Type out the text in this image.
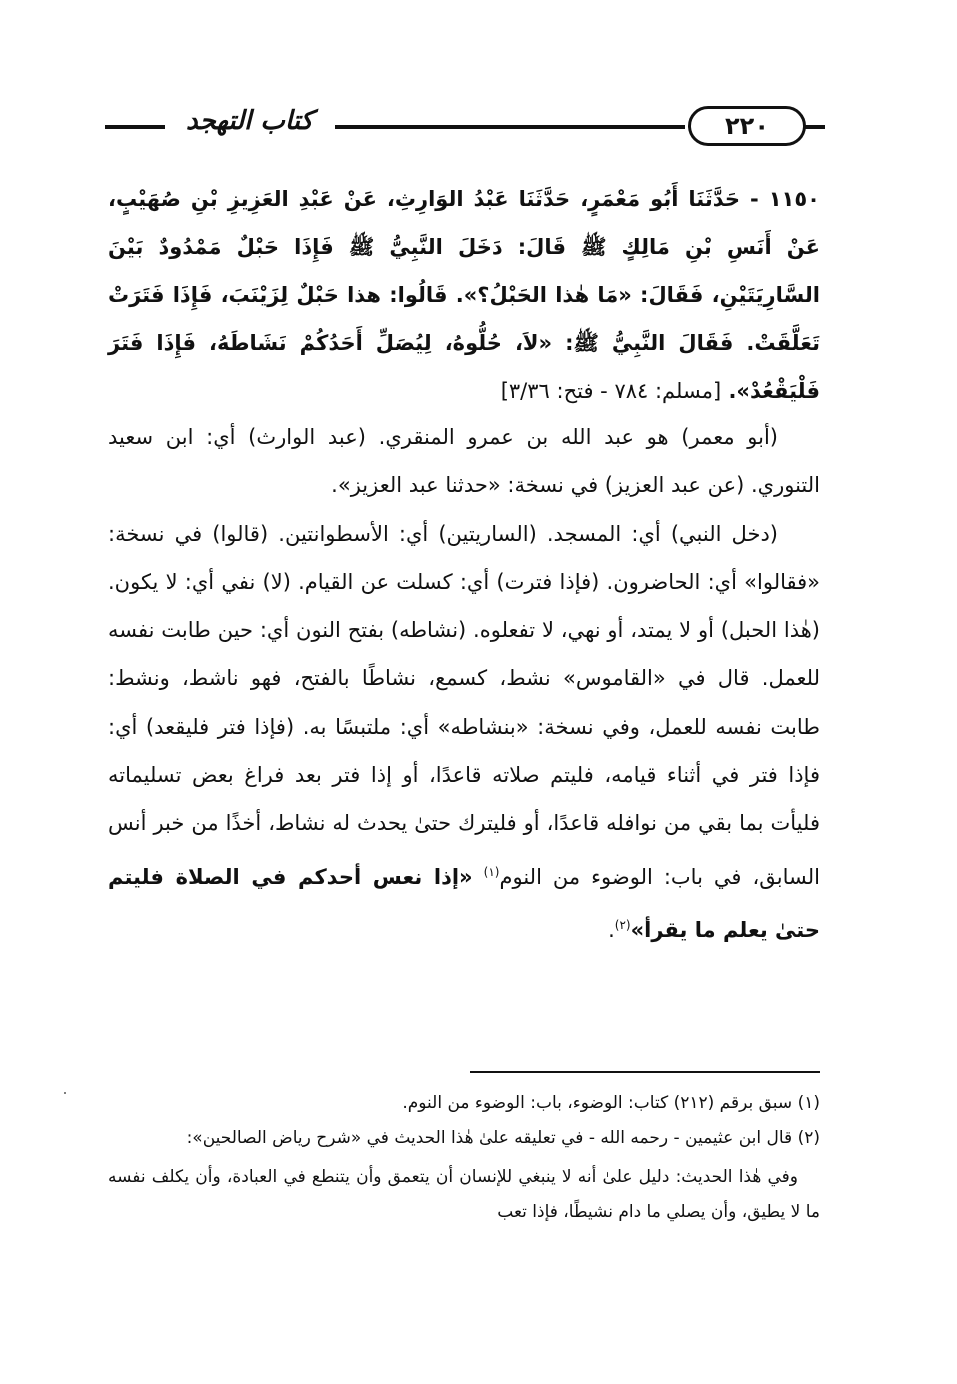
٢٢٠
كتاب التهجد
١١٥٠ - حَدَّثَنَا أَبُو مَعْمَرٍ، حَدَّثَنَا عَبْدُ الوَارِثِ، عَنْ عَبْدِ العَزِيزِ بْنِ صُهَيْبٍ، عَنْ أَنَسِ بْنِ مَالِكٍ ﷺ قَالَ: دَخَلَ النَّبِيُّ ﷺ فَإِذَا حَبْلٌ مَمْدُودٌ بَيْنَ السَّارِيَتَيْنِ، فَقَالَ: «مَا هٰذا الحَبْلُ؟». قَالُوا: هذا حَبْلٌ لِزَيْنَبَ، فَإِذَا فَتَرَتْ تَعَلَّقَتْ. فَقَالَ النَّبِيُّ ﷺ: «لاَ، حُلُّوهُ، لِيُصَلِّ أَحَدُكُمْ نَشَاطَهُ، فَإِذَا فَتَرَ فَلْيَقْعُدْ». [مسلم: ٧٨٤ - فتح: ٣/٣٦]

(أبو معمر) هو عبد الله بن عمرو المنقري. (عبد الوارث) أي: ابن سعيد التنوري. (عن عبد العزيز) في نسخة: «حدثنا عبد العزيز».

(دخل النبي) أي: المسجد. (الساريتين) أي: الأسطوانتين. (قالوا) في نسخة: «فقالوا» أي: الحاضرون. (فإذا فترت) أي: كسلت عن القيام. (لا) نفي أي: لا يكون. (هٰذا الحبل) أو لا يمتد، أو نهي، لا تفعلوه. (نشاطه) بفتح النون أي: حين طابت نفسه للعمل. قال في «القاموس» نشط، كسمع، نشاطًا بالفتح، فهو ناشط، ونشط: طابت نفسه للعمل، وفي نسخة: «بنشاطه» أي: ملتبسًا به. (فإذا فتر فليقعد) أي: فإذا فتر في أثناء قيامه، فليتم صلاته قاعدًا، أو إذا فتر بعد فراغ بعض تسليماته فليأت بما بقي من نوافله قاعدًا، أو فليترك حتىٰ يحدث له نشاط، أخذًا من خبر أنس السابق، في باب: الوضوء من النوم$^{(١)}$ «إذا نعس أحدكم في الصلاة فليتم حتىٰ يعلم ما يقرأ»$^{(٢)}$.

(١) سبق برقم (٢١٢) كتاب: الوضوء، باب: الوضوء من النوم.

(٢) قال ابن عثيمين - رحمه الله - في تعليقه علىٰ هٰذا الحديث في «شرح رياض الصالحين»:

وفي هٰذا الحديث: دليل علىٰ أنه لا ينبغي للإنسان أن يتعمق وأن يتنطع في العبادة، وأن يكلف نفسه ما لا يطيق، وأن يصلي ما دام نشيطًا، فإذا تعب
